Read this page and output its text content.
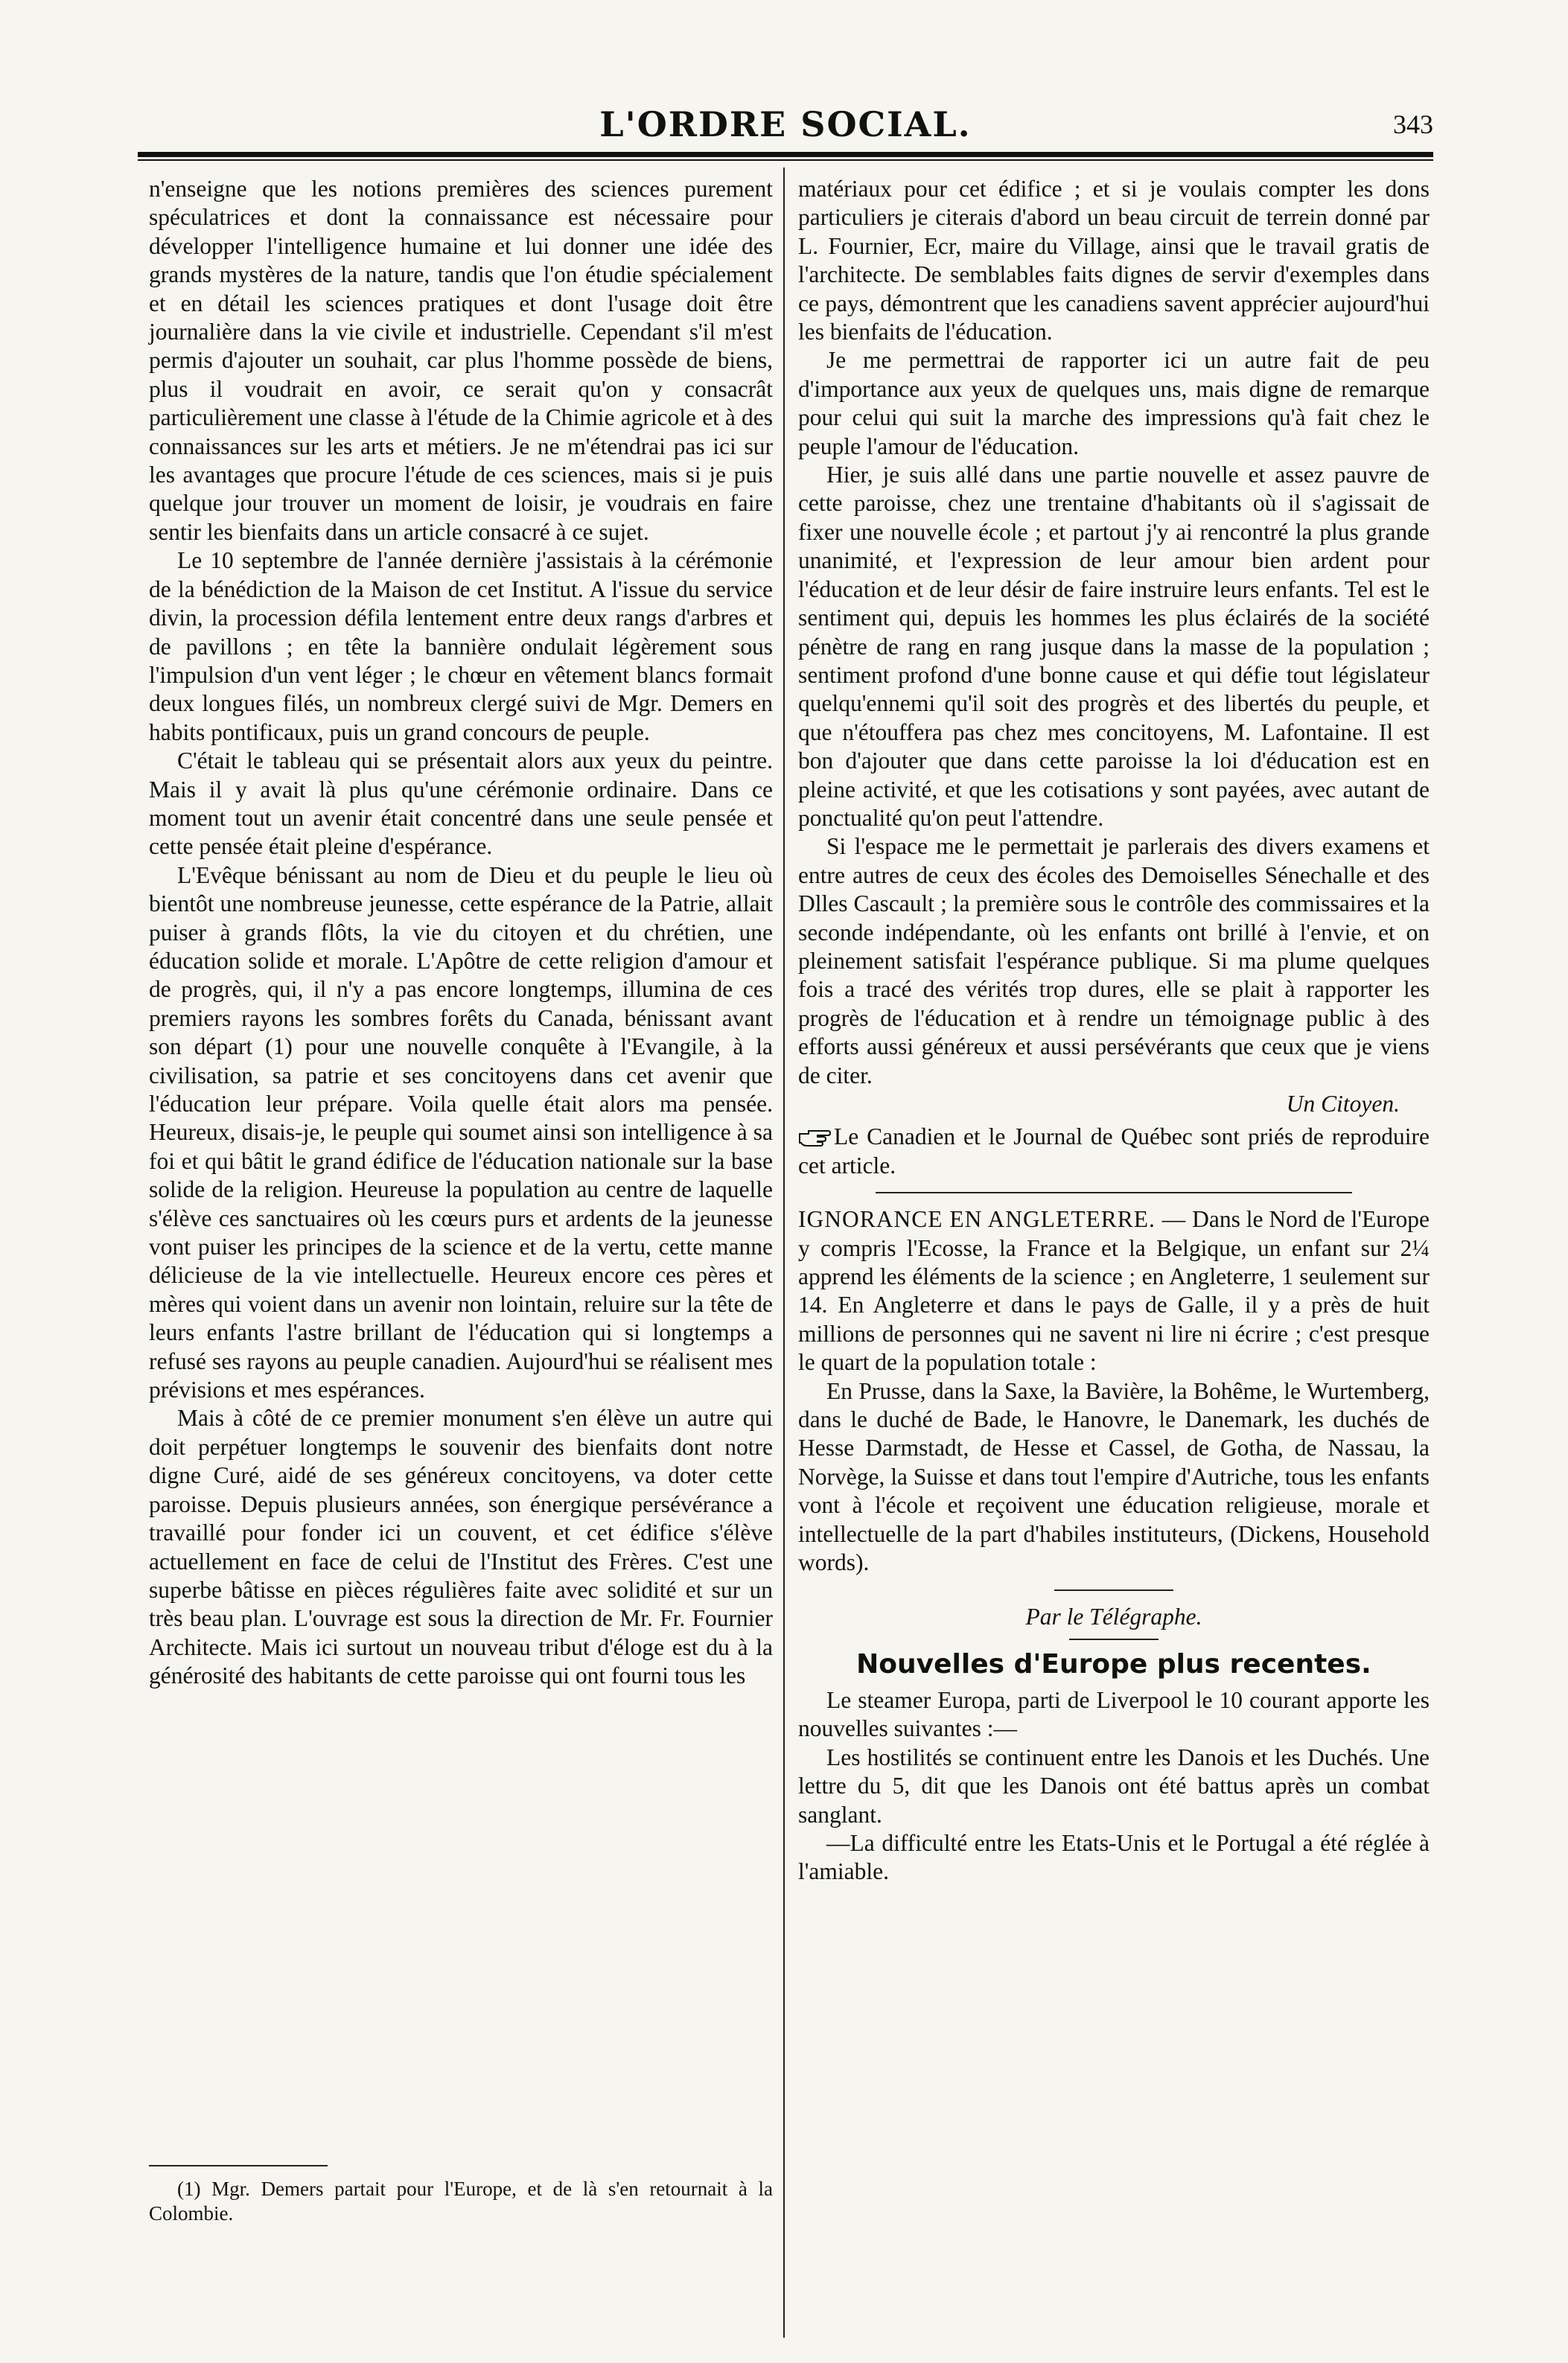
L'ORDRE SOCIAL.	343

n'enseigne que les notions premières des sciences purement spéculatrices et dont la connaissance est nécessaire pour développer l'intelligence humaine et lui donner une idée des grands mystères de la nature, tandis que l'on étudie spécialement et en détail les sciences pratiques et dont l'usage doit être journalière dans la vie civile et industrielle. Cependant s'il m'est permis d'ajouter un souhait, car plus l'homme possède de biens, plus il voudrait en avoir, ce serait qu'on y consacrât particulièrement une classe à l'étude de la Chimie agricole et à des connaissances sur les arts et métiers. Je ne m'étendrai pas ici sur les avantages que procure l'étude de ces sciences, mais si je puis quelque jour trouver un moment de loisir, je voudrais en faire sentir les bienfaits dans un article consacré à ce sujet.

Le 10 septembre de l'année dernière j'assistais à la cérémonie de la bénédiction de la Maison de cet Institut. A l'issue du service divin, la procession défila lentement entre deux rangs d'arbres et de pavillons ; en tête la bannière ondulait légèrement sous l'impulsion d'un vent léger ; le chœur en vêtement blancs formait deux longues filés, un nombreux clergé suivi de Mgr. Demers en habits pontificaux, puis un grand concours de peuple.

C'était le tableau qui se présentait alors aux yeux du peintre. Mais il y avait là plus qu'une cérémonie ordinaire. Dans ce moment tout un avenir était concentré dans une seule pensée et cette pensée était pleine d'espérance.

L'Evêque bénissant au nom de Dieu et du peuple le lieu où bientôt une nombreuse jeunesse, cette espérance de la Patrie, allait puiser à grands flôts, la vie du citoyen et du chrétien, une éducation solide et morale. L'Apôtre de cette religion d'amour et de progrès, qui, il n'y a pas encore longtemps, illumina de ces premiers rayons les sombres forêts du Canada, bénissant avant son départ (1) pour une nouvelle conquête à l'Evangile, à la civilisation, sa patrie et ses concitoyens dans cet avenir que l'éducation leur prépare. Voila quelle était alors ma pensée. Heureux, disais-je, le peuple qui soumet ainsi son intelligence à sa foi et qui bâtit le grand édifice de l'éducation nationale sur la base solide de la religion. Heureuse la population au centre de laquelle s'élève ces sanctuaires où les cœurs purs et ardents de la jeunesse vont puiser les principes de la science et de la vertu, cette manne délicieuse de la vie intellectuelle. Heureux encore ces pères et mères qui voient dans un avenir non lointain, reluire sur la tête de leurs enfants l'astre brillant de l'éducation qui si longtemps a refusé ses rayons au peuple canadien. Aujourd'hui se réalisent mes prévisions et mes espérances.

Mais à côté de ce premier monument s'en élève un autre qui doit perpétuer longtemps le souvenir des bienfaits dont notre digne Curé, aidé de ses généreux concitoyens, va doter cette paroisse. Depuis plusieurs années, son énergique persévérance a travaillé pour fonder ici un couvent, et cet édifice s'élève actuellement en face de celui de l'Institut des Frères. C'est une superbe bâtisse en pièces régulières faite avec solidité et sur un très beau plan. L'ouvrage est sous la direction de Mr. Fr. Fournier Architecte. Mais ici surtout un nouveau tribut d'éloge est du à la générosité des habitants de cette paroisse qui ont fourni tous les

(1) Mgr. Demers partait pour l'Europe, et de là s'en retournait à la Colombie.

matériaux pour cet édifice ; et si je voulais compter les dons particuliers je citerais d'abord un beau circuit de terrein donné par L. Fournier, Ecr, maire du Village, ainsi que le travail gratis de l'architecte. De semblables faits dignes de servir d'exemples dans ce pays, démontrent que les canadiens savent apprécier aujourd'hui les bienfaits de l'éducation.

Je me permettrai de rapporter ici un autre fait de peu d'importance aux yeux de quelques uns, mais digne de remarque pour celui qui suit la marche des impressions qu'à fait chez le peuple l'amour de l'éducation.

Hier, je suis allé dans une partie nouvelle et assez pauvre de cette paroisse, chez une trentaine d'habitants où il s'agissait de fixer une nouvelle école ; et partout j'y ai rencontré la plus grande unanimité, et l'expression de leur amour bien ardent pour l'éducation et de leur désir de faire instruire leurs enfants. Tel est le sentiment qui, depuis les hommes les plus éclairés de la société pénètre de rang en rang jusque dans la masse de la population ; sentiment profond d'une bonne cause et qui défie tout législateur quelqu'ennemi qu'il soit des progrès et des libertés du peuple, et que n'étouffera pas chez mes concitoyens, M. Lafontaine. Il est bon d'ajouter que dans cette paroisse la loi d'éducation est en pleine activité, et que les cotisations y sont payées, avec autant de ponctualité qu'on peut l'attendre.

Si l'espace me le permettait je parlerais des divers examens et entre autres de ceux des écoles des Demoiselles Sénechalle et des Dlles Cascault ; la première sous le contrôle des commissaires et la seconde indépendante, où les enfants ont brillé à l'envie, et on pleinement satisfait l'espérance publique. Si ma plume quelques fois a tracé des vérités trop dures, elle se plait à rapporter les progrès de l'éducation et à rendre un témoignage public à des efforts aussi généreux et aussi persévérants que ceux que je viens de citer.

Un Citoyen.

Le Canadien et le Journal de Québec sont priés de reproduire cet article.

IGNORANCE EN ANGLETERRE. — Dans le Nord de l'Europe y compris l'Ecosse, la France et la Belgique, un enfant sur 2¼ apprend les éléments de la science ; en Angleterre, 1 seulement sur 14. En Angleterre et dans le pays de Galle, il y a près de huit millions de personnes qui ne savent ni lire ni écrire ; c'est presque le quart de la population totale :

En Prusse, dans la Saxe, la Bavière, la Bohême, le Wurtemberg, dans le duché de Bade, le Hanovre, le Danemark, les duchés de Hesse Darmstadt, de Hesse et Cassel, de Gotha, de Nassau, la Norvège, la Suisse et dans tout l'empire d'Autriche, tous les enfants vont à l'école et reçoivent une éducation religieuse, morale et intellectuelle de la part d'habiles instituteurs, (Dickens, Household words).

Par le Télégraphe.

Nouvelles d'Europe plus recentes.

Le steamer Europa, parti de Liverpool le 10 courant apporte les nouvelles suivantes :—

Les hostilités se continuent entre les Danois et les Duchés. Une lettre du 5, dit que les Danois ont été battus après un combat sanglant.

—La difficulté entre les Etats-Unis et le Portugal a été réglée à l'amiable.
